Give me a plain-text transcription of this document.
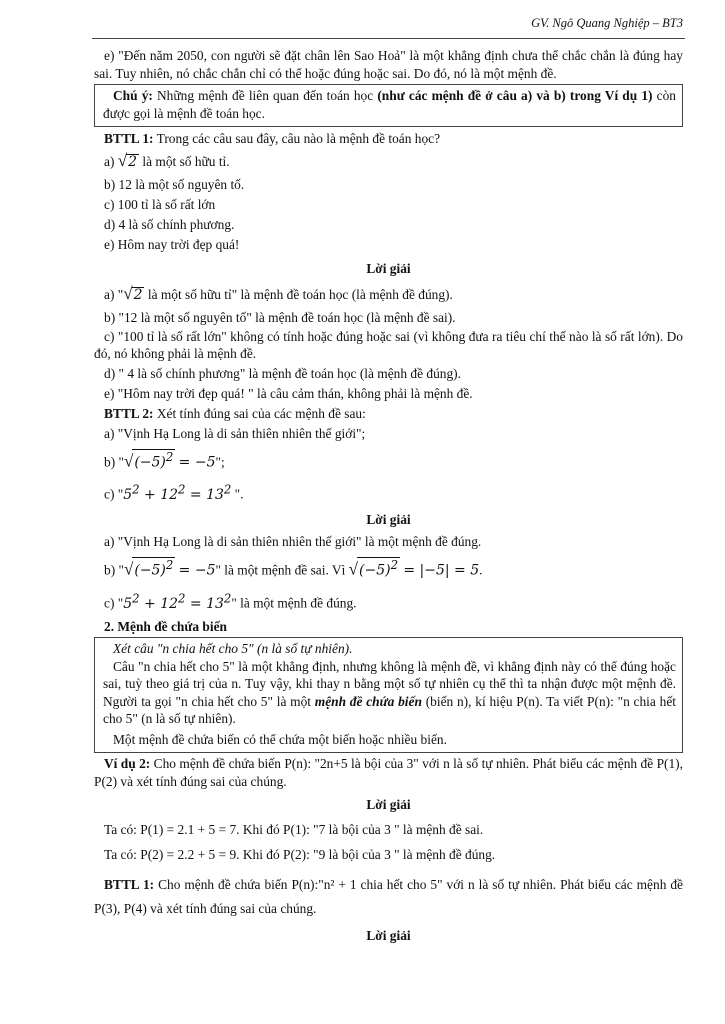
GV. Ngô Quang Nghiệp – BT3

e) "Đến năm 2050, con người sẽ đặt chân lên Sao Hoả" là một khẳng định chưa thể chắc chắn là đúng hay sai. Tuy nhiên, nó chắc chắn chỉ có thể hoặc đúng hoặc sai. Do đó, nó là một mệnh đề.

Chú ý: Những mệnh đề liên quan đến toán học (như các mệnh đề ở câu a) và b) trong Ví dụ 1) còn được gọi là mệnh đề toán học.

BTTL 1: Trong các câu sau đây, câu nào là mệnh đề toán học?

a) √2 là một số hữu tỉ.

b) 12 là một số nguyên tố.

c) 100 tỉ là số rất lớn

d) 4 là số chính phương.

e) Hôm nay trời đẹp quá!

Lời giải

a) "√2 là một số hữu tỉ" là mệnh đề toán học (là mệnh đề đúng).

b) "12 là một số nguyên tố" là mệnh đề toán học (là mệnh đề sai).

c) "100 tỉ là số rất lớn" không có tính hoặc đúng hoặc sai (vì không đưa ra tiêu chí thế nào là số rất lớn). Do đó, nó không phải là mệnh đề.

d) " 4 là số chính phương" là mệnh đề toán học (là mệnh đề đúng).

e) "Hôm nay trời đẹp quá! " là câu cảm thán, không phải là mệnh đề.

BTTL 2: Xét tính đúng sai của các mệnh đề sau:

a) "Vịnh Hạ Long là di sản thiên nhiên thế giới";

b) "$√(-5)^2 = -5$";

c) "$5^2 + 12^2 = 13^2$ ".

Lời giải

a) "Vịnh Hạ Long là di sản thiên nhiên thế giới" là một mệnh đề đúng.

b) "$√(-5)^2 = -5$" là một mệnh đề sai. Vì $√(-5)^2 = |-5| = 5$.

c) "$5^2 + 12^2 = 13^2$" là một mệnh đề đúng.

2. Mệnh đề chứa biến

Xét câu "n chia hết cho 5" (n là số tự nhiên).

Câu "n chia hết cho 5" là một khẳng định, nhưng không là mệnh đề, vì khẳng định này có thể đúng hoặc sai, tuỳ theo giá trị của n. Tuy vậy, khi thay n bằng một số tự nhiên cụ thể thì ta nhận được một mệnh đề. Người ta gọi "n chia hết cho 5" là một mệnh đề chứa biến (biến n), kí hiệu P(n). Ta viết P(n): "n chia hết cho 5" (n là số tự nhiên).

Một mệnh đề chứa biến có thể chứa một biến hoặc nhiều biến.

Ví dụ 2: Cho mệnh đề chứa biến P(n): "2n+5 là bội của 3" với n là số tự nhiên. Phát biểu các mệnh đề P(1), P(2) và xét tính đúng sai của chúng.

Lời giải

Ta có: P(1) = 2.1 + 5 = 7. Khi đó P(1): "7 là bội của 3 " là mệnh đề sai.

Ta có: P(2) = 2.2 + 5 = 9. Khi đó P(2): "9 là bội của 3 " là mệnh đề đúng.

BTTL 1: Cho mệnh đề chứa biến P(n):"n² + 1 chia hết cho 5" với n là số tự nhiên. Phát biểu các mệnh đề P(3), P(4) và xét tính đúng sai của chúng.

Lời giải
